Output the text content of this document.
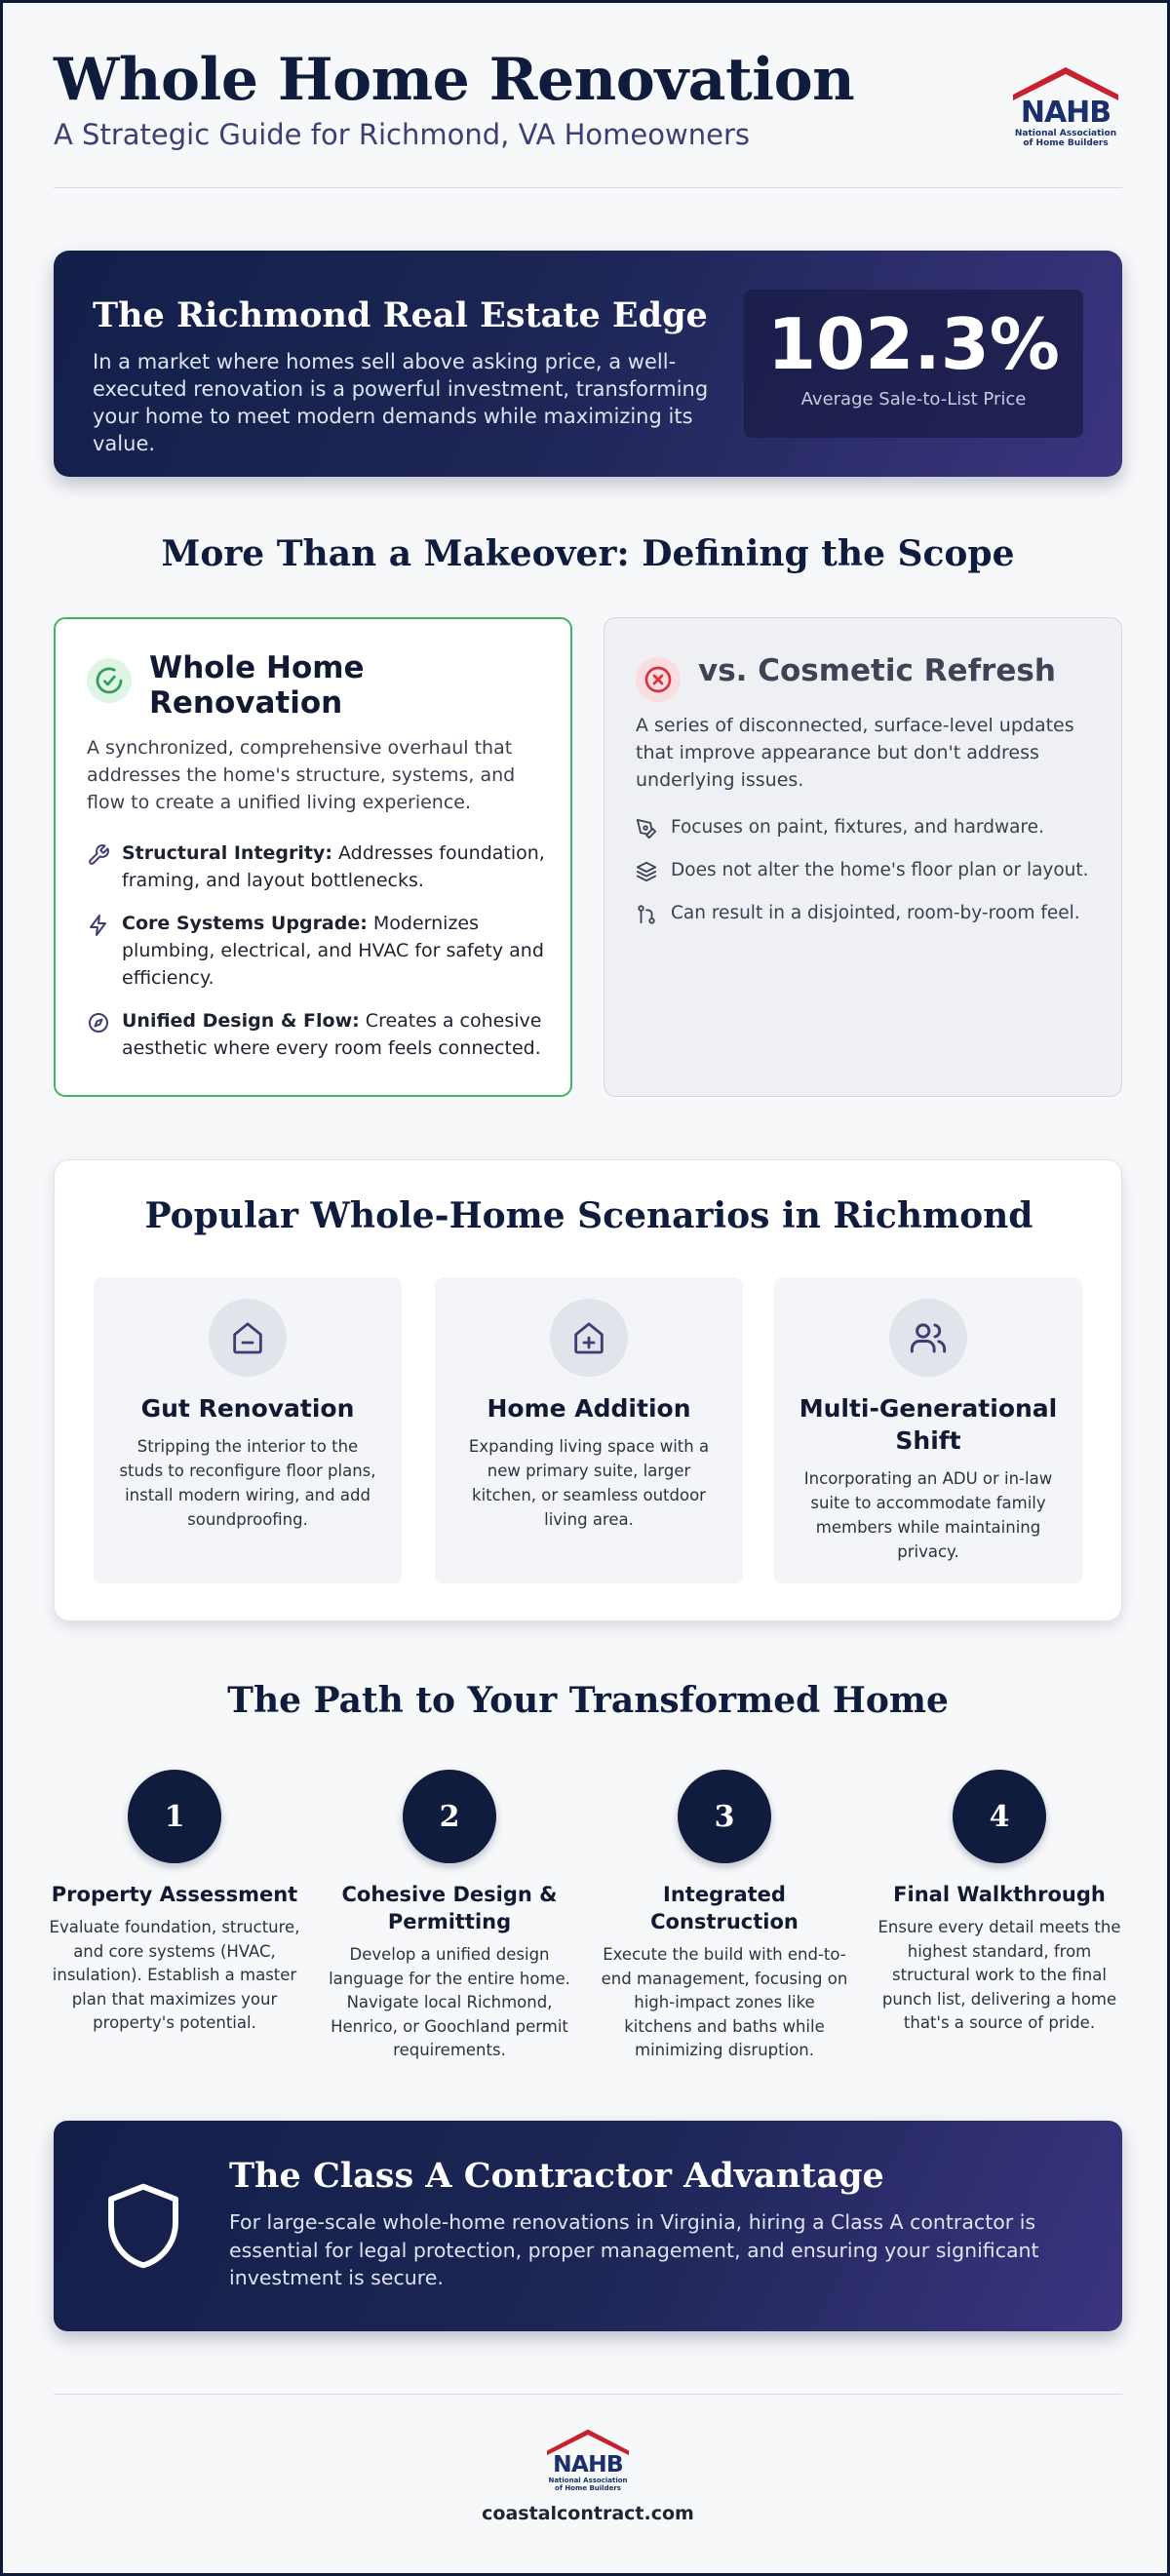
Whole Home Renovation
A Strategic Guide for Richmond, VA Homeowners
NAHB
National Association
of Home Builders
The Richmond Real Estate Edge
In a market where homes sell above asking price, a well-executed renovation is a powerful investment, transforming your home to meet modern demands while maximizing its value.
102.3%
Average Sale-to-List Price
More Than a Makeover: Defining the Scope
Whole Home Renovation
A synchronized, comprehensive overhaul that addresses the home's structure, systems, and flow to create a unified living experience.
Structural Integrity: Addresses foundation, framing, and layout bottlenecks.
Core Systems Upgrade: Modernizes plumbing, electrical, and HVAC for safety and efficiency.
Unified Design & Flow: Creates a cohesive aesthetic where every room feels connected.
vs. Cosmetic Refresh
A series of disconnected, surface-level updates that improve appearance but don't address underlying issues.
Focuses on paint, fixtures, and hardware.
Does not alter the home's floor plan or layout.
Can result in a disjointed, room-by-room feel.
Popular Whole-Home Scenarios in Richmond
Gut Renovation
Stripping the interior to the studs to reconfigure floor plans, install modern wiring, and add soundproofing.
Home Addition
Expanding living space with a new primary suite, larger kitchen, or seamless outdoor living area.
Multi-Generational Shift
Incorporating an ADU or in-law suite to accommodate family members while maintaining privacy.
The Path to Your Transformed Home
1
Property Assessment
Evaluate foundation, structure, and core systems (HVAC, insulation). Establish a master plan that maximizes your property's potential.
2
Cohesive Design & Permitting
Develop a unified design language for the entire home. Navigate local Richmond, Henrico, or Goochland permit requirements.
3
Integrated Construction
Execute the build with end-to-end management, focusing on high-impact zones like kitchens and baths while minimizing disruption.
4
Final Walkthrough
Ensure every detail meets the highest standard, from structural work to the final punch list, delivering a home that's a source of pride.
The Class A Contractor Advantage
For large-scale whole-home renovations in Virginia, hiring a Class A contractor is essential for legal protection, proper management, and ensuring your significant investment is secure.
NAHB
National Association
of Home Builders
coastalcontract.com
